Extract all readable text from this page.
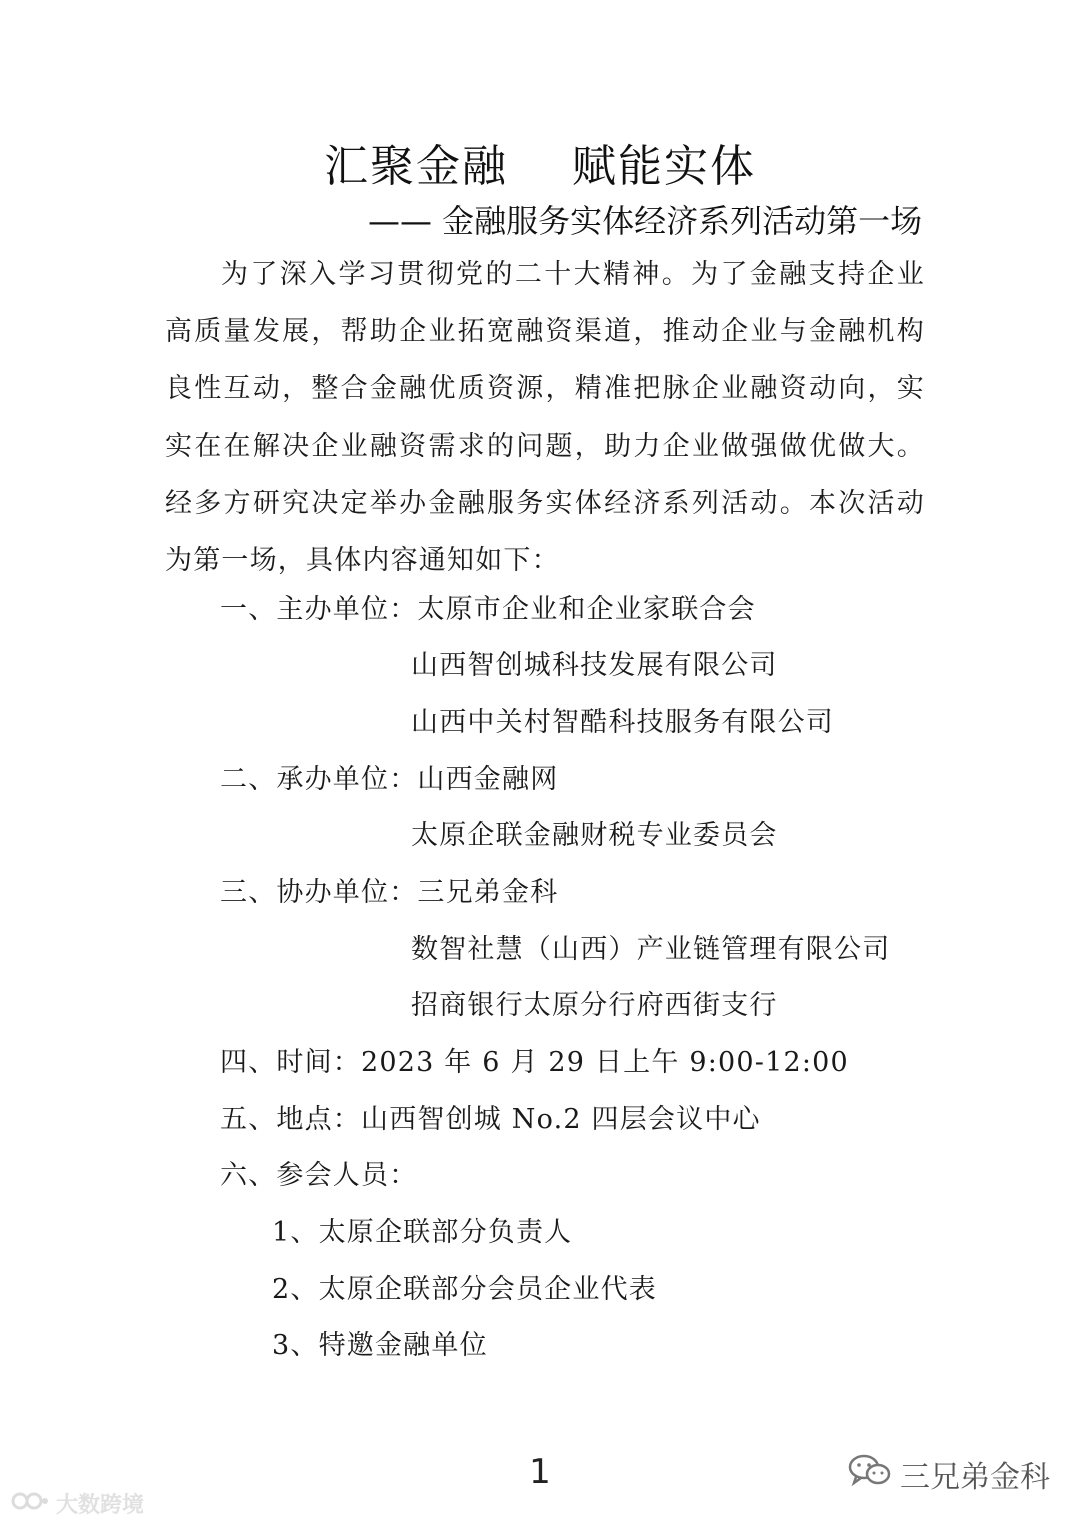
汇聚金融    赋能实体
—— 金融服务实体经济系列活动第一场

为了深入学习贯彻党的二十大精神。为了金融支持企业高质量发展，帮助企业拓宽融资渠道，推动企业与金融机构良性互动，整合金融优质资源，精准把脉企业融资动向，实实在在解决企业融资需求的问题，助力企业做强做优做大。经多方研究决定举办金融服务实体经济系列活动。本次活动为第一场，具体内容通知如下：

一、主办单位：太原市企业和企业家联合会
山西智创城科技发展有限公司
山西中关村智酷科技服务有限公司
二、承办单位：山西金融网
太原企联金融财税专业委员会
三、协办单位：三兄弟金科
数智社慧（山西）产业链管理有限公司
招商银行太原分行府西街支行
四、时间：2023 年 6 月 29 日上午 9:00-12:00
五、地点：山西智创城 No.2 四层会议中心
六、参会人员：
1、太原企联部分负责人
2、太原企联部分会员企业代表
3、特邀金融单位
1
大数跨境
三兄弟金科
